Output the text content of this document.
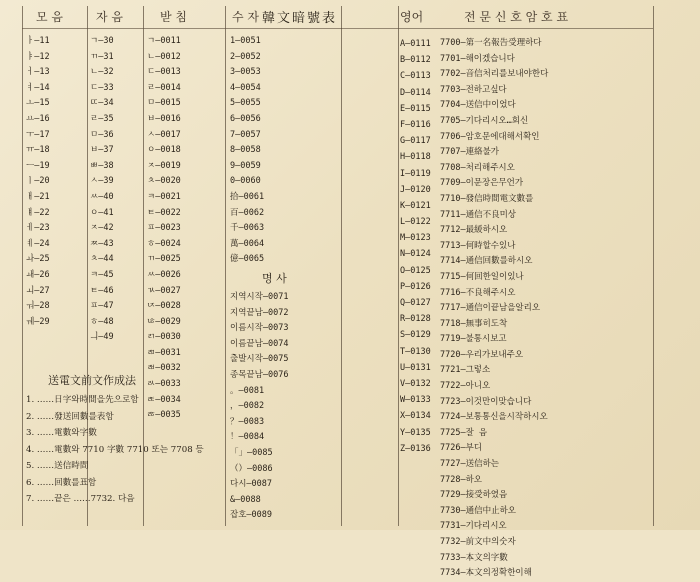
모 음	자 음	받 침	수 자 韓文暗號表	영어	전 문 신 호 암 호 표
ㅏ—11
ㅑ—12
ㅓ—13
ㅕ—14
ㅗ—15
ㅛ—16
ㅜ—17
ㅠ—18
ㅡ—19
ㅣ—20
ㅐ—21
ㅒ—22
ㅔ—23
ㅖ—24
ㅘ—25
ㅙ—26
ㅚ—27
ㅝ—28
ㅞ—29
ㄱ—30
ㄲ—31
ㄴ—32
ㄷ—33
ㄸ—34
ㄹ—35
ㅁ—36
ㅂ—37
ㅃ—38
ㅅ—39
ㅆ—40
ㅇ—41
ㅈ—42
ㅉ—43
ㅊ—44
ㅋ—45
ㅌ—46
ㅍ—47
ㅎ—48
ㅢ—49
ㄱ—0011
ㄴ—0012
ㄷ—0013
ㄹ—0014
ㅁ—0015
ㅂ—0016
ㅅ—0017
ㅇ—0018
ㅈ—0019
ㅊ—0020
ㅋ—0021
ㅌ—0022
ㅍ—0023
ㅎ—0024
ㄲ—0025
ㅆ—0026
ㄳ—0027
ㄵ—0028
ㄶ—0029
ㄺ—0030
ㄻ—0031
ㄼ—0032
ㄽ—0033
ㄾ—0034
ㅀ—0035
1—0051
2—0052
3—0053
4—0054
5—0055
6—0056
7—0057
8—0058
9—0059
0—0060
拾—0061
百—0062
千—0063
萬—0064
億—0065
명 사
지역시작—0071
지역끝남—0072
이름시작—0073
이름끝남—0074
출발시작—0075
종목끝남—0076
。—0081
，—0082
？—0083
！—0084
「」—0085
（）—0086
다시—0087
&—0088
잡호—0089
A—0111
B—0112
C—0113
D—0114
E—0115
F—0116
G—0117
H—0118
I—0119
J—0120
K—0121
L—0122
M—0123
N—0124
O—0125
P—0126
Q—0127
R—0128
S—0129
T—0130
U—0131
V—0132
W—0133
X—0134
Y—0135
Z—0136
7700—第一名報告受理하다
7701—해이겠습니다
7702—音信처리를보내야한다
7703—전하고싶다
7704—送信中이었다
7705—기다리시오…회신
7706—암호문에대해서확인
7707—連絡불가
7708—처리해주시오
7709—이문장은무언가
7710—發信時間電文數를
7711—通信不良미상
7712—最緩하시오
7713—何時할수있나
7714—通信回數를하시오
7715—何回한일이있나
7716—不良해주시오
7717—通信이끝남을알리오
7718—無事히도착
7719—불통시보고
7720—우리가보내주오
7721—그렇소
7722—아니오
7723—이것만이맞습니다
7724—보통통신을시작하시오
7725—잘 음
7726—부디
7727—送信하는
7728—하오
7729—接受하였음
7730—通信中止하오
7731—기다리시오
7732—前文中의숫자
7733—本文의字數
7734—本文의정확한이해
送電文前文作成法
1. ……日字와時間을先으로함
2. ……發送回數를表함
3. ……電數와字數
4. ……電數와 7710 字數 7710 또는 7708 등
5. ……送信時間
6. ……回數를표함
7. ……끝은 ……7732. 다음
